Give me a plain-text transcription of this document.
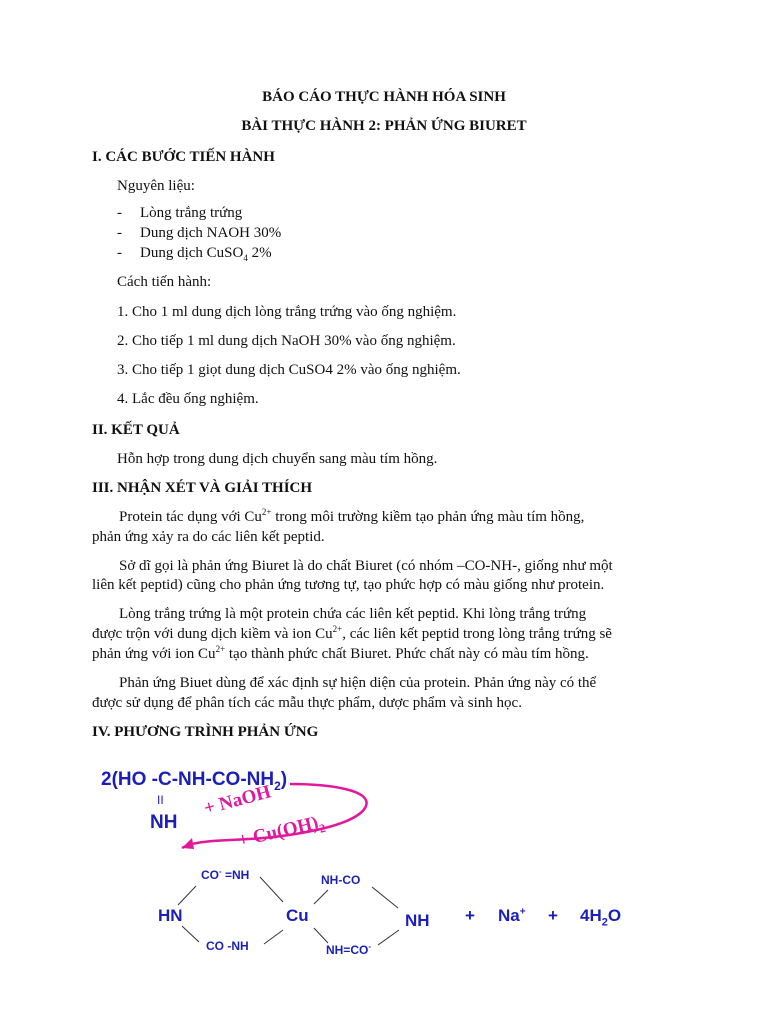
BÁO CÁO THỰC HÀNH HÓA SINH
BÀI THỰC HÀNH 2: PHẢN ỨNG BIURET
I. CÁC BƯỚC TIẾN HÀNH
Nguyên liệu:
- Lòng trắng trứng
- Dung dịch NAOH 30%
- Dung dịch CuSO$_4$ 2%
Cách tiến hành:
1. Cho 1 ml dung dịch lòng trắng trứng vào ống nghiệm.
2. Cho tiếp 1 ml dung dịch NaOH 30% vào ống nghiệm.
3. Cho tiếp 1 giọt dung dịch CuSO4 2% vào ống nghiệm.
4. Lắc đều ống nghiệm.
II. KẾT QUẢ
Hỗn hợp trong dung dịch chuyển sang màu tím hồng.
III. NHẬN XÉT VÀ GIẢI THÍCH
Protein tác dụng với $Cu^{2+}$ trong môi trường kiềm tạo phản ứng màu tím hồng,
phản ứng xảy ra do các liên kết peptid.
Sở dĩ gọi là phản ứng Biuret là do chất Biuret (có nhóm –CO-NH-, giống như một
liên kết peptid) cũng cho phản ứng tương tự, tạo phức hợp có màu giống như protein.
Lòng trắng trứng là một protein chứa các liên kết peptid. Khi lòng trắng trứng
được trộn với dung dịch kiềm và ion $Cu^{2+}$, các liên kết peptid trong lòng trắng trứng sẽ
phản ứng với ion $Cu^{2+}$ tạo thành phức chất Biuret. Phức chất này có màu tím hồng.
Phản ứng Biuet dùng để xác định sự hiện diện của protein. Phản ứng này có thể
được sử dụng để phân tích các mẫu thực phẩm, dược phẩm và sinh học.
IV. PHƯƠNG TRÌNH PHẢN ỨNG
2(HO $-C-NH-CO-NH_2$)
II
NH
+ NaOH
+ $Cu(OH)_2$
CO- =NH	NH-CO
HN	Cu	NH
CO -NH	NH=CO-
+ $Na^+ + 4H_2O$
